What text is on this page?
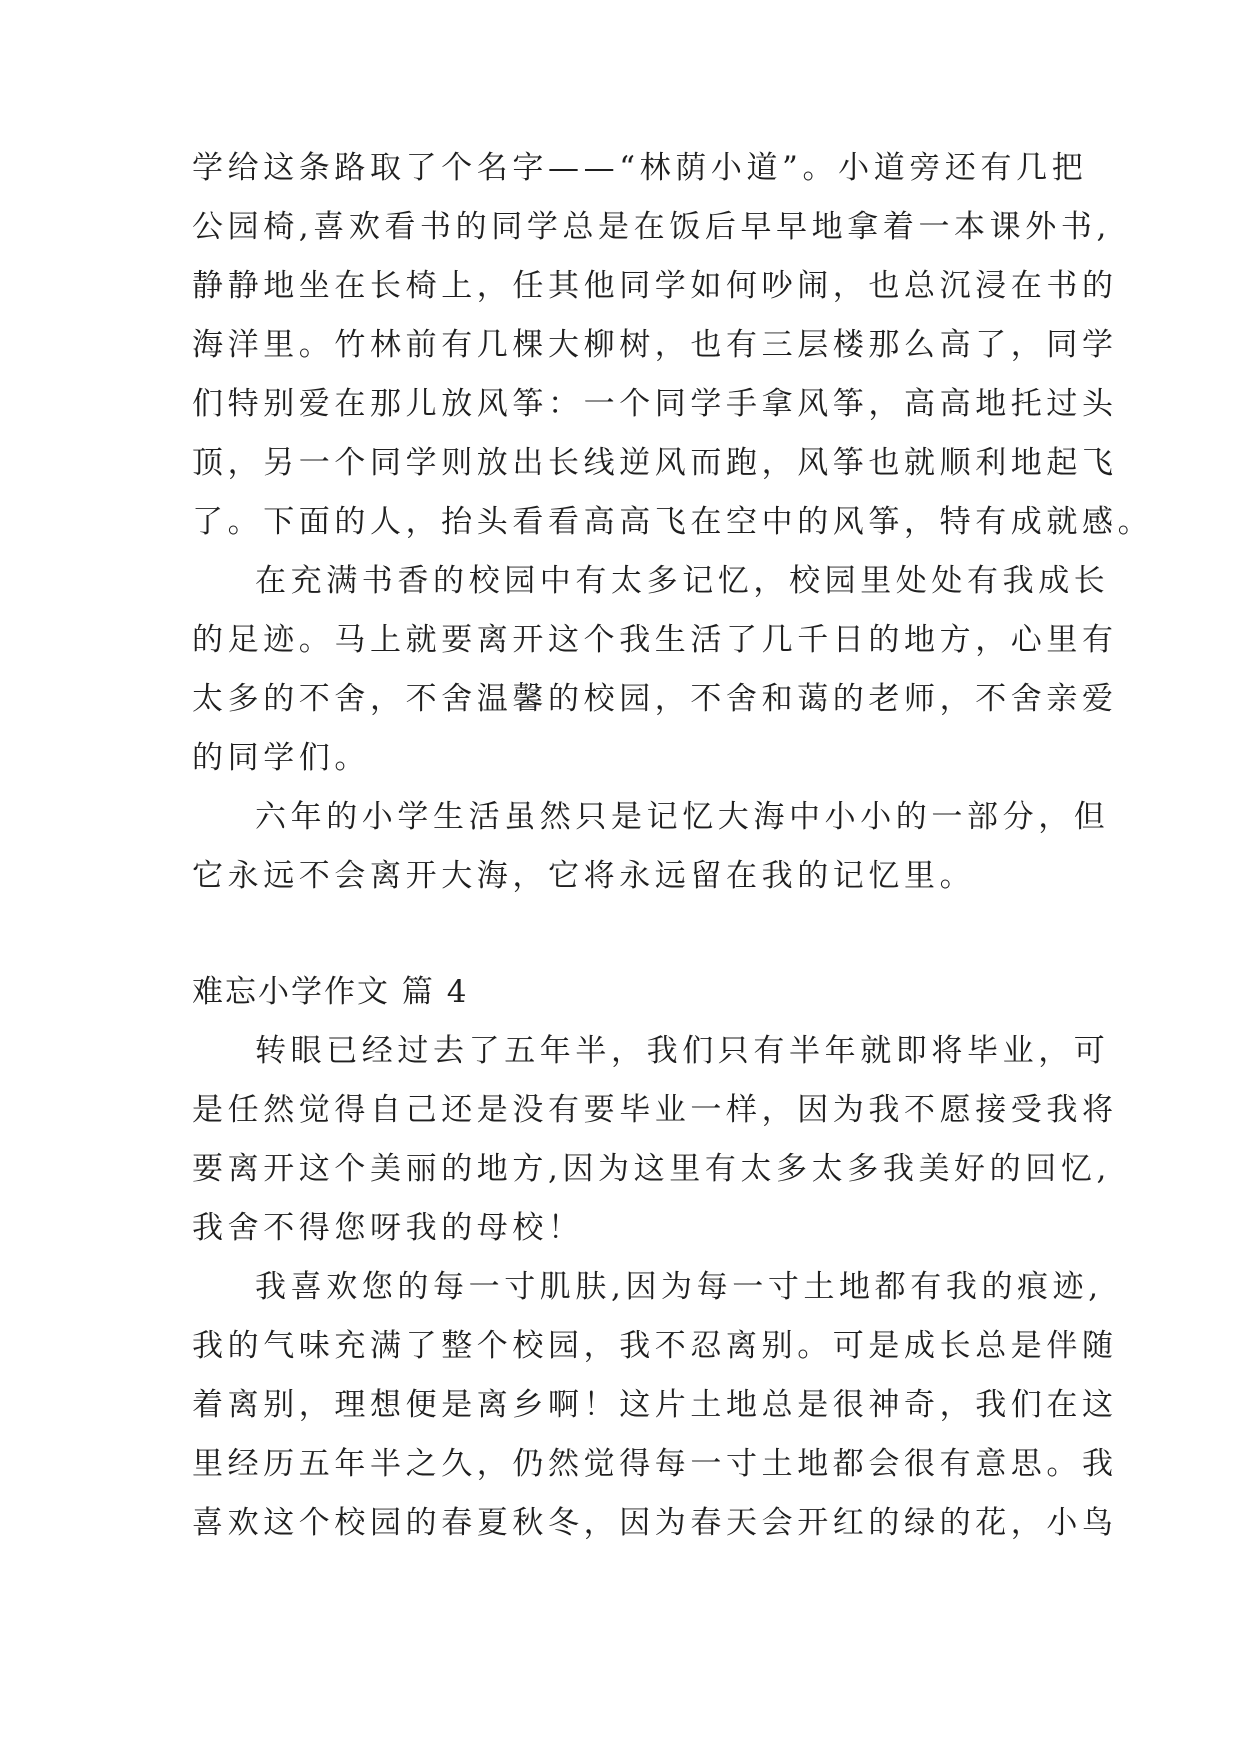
学给这条路取了个名字——“林荫小道”。小道旁还有几把
公园椅,喜欢看书的同学总是在饭后早早地拿着一本课外书,
静静地坐在长椅上，任其他同学如何吵闹，也总沉浸在书的
海洋里。竹林前有几棵大柳树，也有三层楼那么高了，同学
们特别爱在那儿放风筝：一个同学手拿风筝，高高地托过头
顶，另一个同学则放出长线逆风而跑，风筝也就顺利地起飞
了。下面的人，抬头看看高高飞在空中的风筝，特有成就感。
在充满书香的校园中有太多记忆，校园里处处有我成长
的足迹。马上就要离开这个我生活了几千日的地方，心里有
太多的不舍，不舍温馨的校园，不舍和蔼的老师，不舍亲爱
的同学们。
六年的小学生活虽然只是记忆大海中小小的一部分，但
它永远不会离开大海，它将永远留在我的记忆里。
难忘小学作文 篇 4
转眼已经过去了五年半，我们只有半年就即将毕业，可
是任然觉得自己还是没有要毕业一样，因为我不愿接受我将
要离开这个美丽的地方,因为这里有太多太多我美好的回忆,
我舍不得您呀我的母校！
我喜欢您的每一寸肌肤,因为每一寸土地都有我的痕迹,
我的气味充满了整个校园，我不忍离别。可是成长总是伴随
着离别，理想便是离乡啊！这片土地总是很神奇，我们在这
里经历五年半之久，仍然觉得每一寸土地都会很有意思。我
喜欢这个校园的春夏秋冬，因为春天会开红的绿的花，小鸟
